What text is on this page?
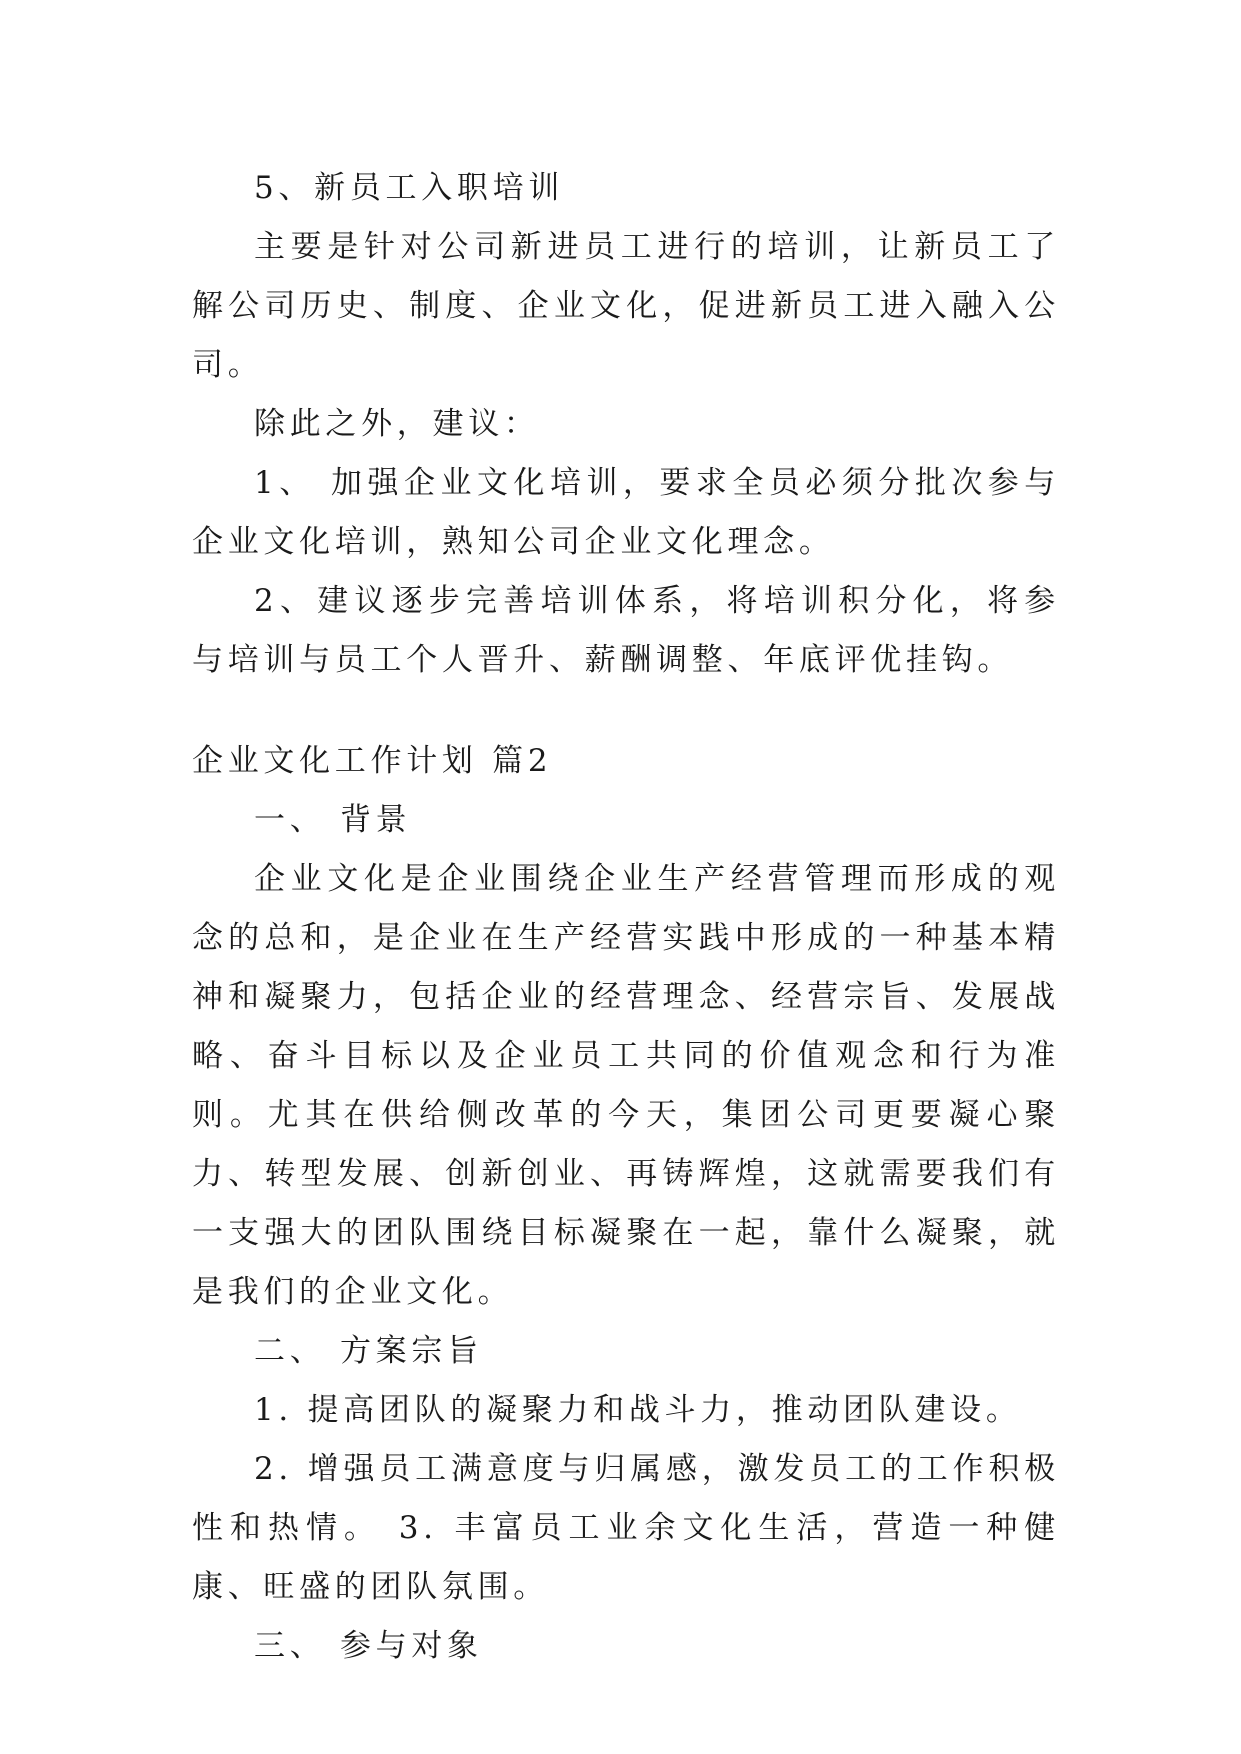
5、新员工入职培训

主要是针对公司新进员工进行的培训，让新员工了解公司历史、制度、企业文化，促进新员工进入融入公司。

除此之外，建议：

1、 加强企业文化培训，要求全员必须分批次参与企业文化培训，熟知公司企业文化理念。

2、建议逐步完善培训体系，将培训积分化，将参与培训与员工个人晋升、薪酬调整、年底评优挂钩。

企业文化工作计划 篇2

一、 背景

企业文化是企业围绕企业生产经营管理而形成的观念的总和，是企业在生产经营实践中形成的一种基本精神和凝聚力，包括企业的经营理念、经营宗旨、发展战略、奋斗目标以及企业员工共同的价值观念和行为准则。尤其在供给侧改革的今天，集团公司更要凝心聚力、转型发展、创新创业、再铸辉煌，这就需要我们有一支强大的团队围绕目标凝聚在一起，靠什么凝聚，就是我们的企业文化。

二、 方案宗旨

1. 提高团队的凝聚力和战斗力，推动团队建设。

2. 增强员工满意度与归属感，激发员工的工作积极性和热情。 3. 丰富员工业余文化生活，营造一种健康、旺盛的团队氛围。

三、 参与对象
